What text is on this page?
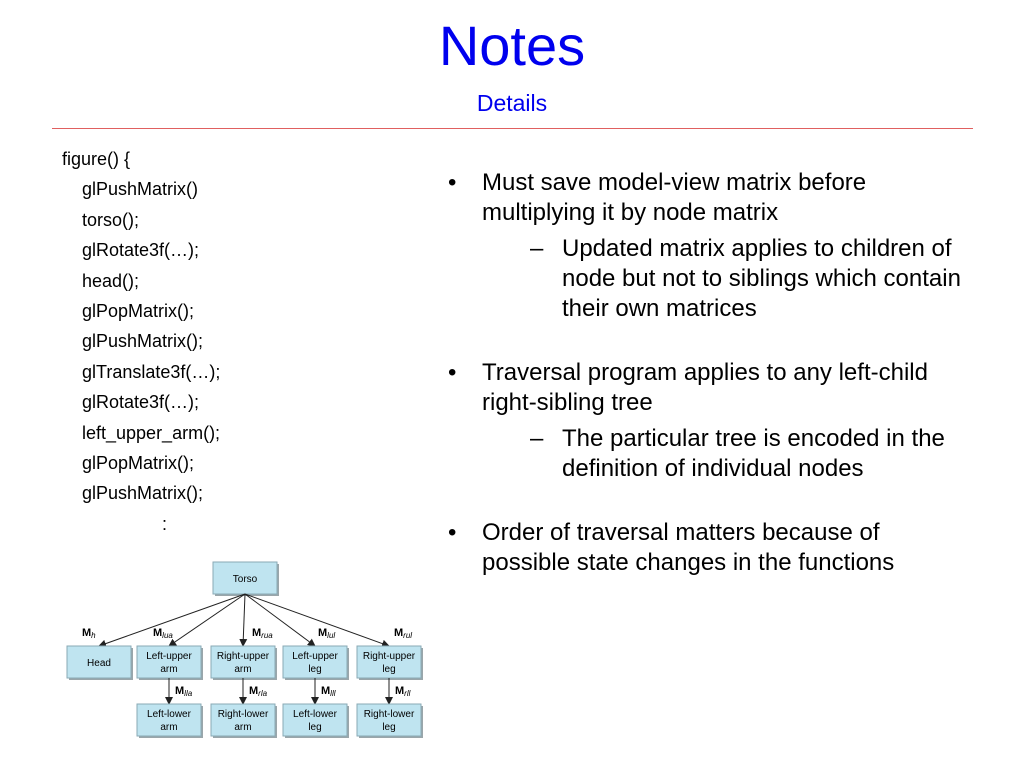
Notes
Details
figure() {
glPushMatrix()
torso();
glRotate3f(…);
head();
glPopMatrix();
glPushMatrix();
glTranslate3f(…);
glRotate3f(…);
left_upper_arm();
glPopMatrix();
glPushMatrix();
:
• Must save model-view matrix before multiplying it by node matrix
– Updated matrix applies to children of node but not to siblings which contain their own matrices
• Traversal program applies to any left-child right-sibling tree
– The particular tree is encoded in the definition of individual nodes
• Order of traversal matters because of possible state changes in the functions
Torso
Head
Mh
Left-upper
arm
Mlua
Right-upper
arm
Mrua
Left-upper
leg
Mlul
Right-upper
leg
Mrul
Left-lower
arm
Mlla
Right-lower
arm
Mrla
Left-lower
leg
Mlll
Right-lower
leg
Mrll
